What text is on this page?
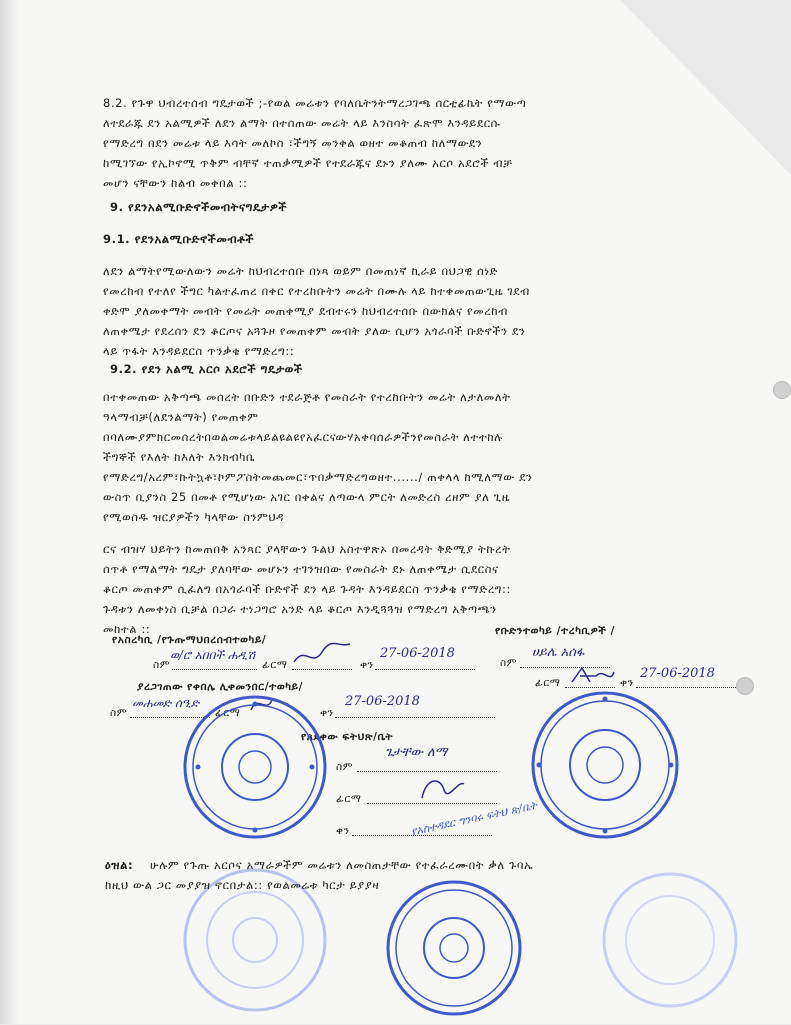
8.2. የጉዋ ህብረተሰብ ግዴታወች ;-የወል መሬቱን የባለቤትንትማረጋገጫ ሰርቲፊኬት የማውጣ
ለተደራጁ ደን አልሚዎች ለደን ልማት በተሰጠው መሬት ላይ እንስሳት ፈጽሞ እንዳይደርሱ
የማድረግ በደን መሬቱ ላይ እሳት መለኮስ ፣ችግኝ መንቀል ወዘተ መቆጠብ ከለማውደን
ከሚገኘው የኢኮኖሚ ጥቅም ብቸኛ ተጠቃሚዎች የተደራጁና ደኑን ያለሙ አርሶ አደሮች ብቻ
መሆን ናቸውን ከልብ መቀበል ::
9. የደንአልሚቡድኖችመብትናግዴታዎች
9.1. የደንአልሚቡድኖችመብቶች
ለደን ልማትየሚውለውን መሬት ከህብረተሰቡ በነጻ ወይም በመጠነኛ ኪራይ በህጋዊ ሰነድ
የመረከብ የተለየ ችግር ካልተፈጠረ በቀር የተረከቡትን መሬት በሙሉ ላይ ከተቀመጠውጊዜ ገደብ
ቀድሞ ያለመቀማት መብት የመሬት መጠቀሚያ ደብተሩን ከህብረተሰቡ በውክልና የመረከብ
ለጠቀሜታ የደረሰን ደን ቆርጦና አጓጉዞ የመጠቀም መብት ያለው ሲሆን አጎራባች ቡድኖችን ደን
ላይ ጥፋት እንዳይደርስ ጥንቃቄ የማድረግ::
9.2. የደን አልሚ አርሶ አደሮች ግዴታወች
በተቀመጠው አቅጣጫ መሰረት በቡድን ተደራጅቶ የመስራት የተረከቡትን መሬት ለታለመለት
ዓላማብቻ(ለደንልማት) የመጠቀም
በባለሙያምክርመሰረትበወልመሬቱላይልዩልዩየአፈርናውሃአቀባሰራዎችንየመስራት ለተተከሉ
ችግኞች የእለት ከእለት እንክብካቤ
የማድረግ/አረም፣ኩትኳቶ፣ኮምፖስትመጨመር፣ጥበቃማድረግወዘተ....../ ጠቀላላ ከሚለማው ደን
ውስጥ ቢያንስ 25 በመቶ የሚሆነው አገር በቀልና ለጣውላ ምርት ለመድረስ ረዘም ያለ ጊዜ
የሚወስዱ ዝርያዎችን ካላቸው ስንምህዳ
ርና ብዝሃ ህይትን ከመጠበቅ አንጻር ያላቸውን ጉልህ አስተዋጽኦ በመረዳት ቅድሚያ ትኩረት
ሰጥቶ የማልማት ግዴታ ያለባቸው መሆኑን ተገንዝበው የመስራት ደኑ ለጠቀሜታ ሲደርስና
ቆርጦ መጠቀም ሲፈለግ በአጎራባች ቡድኖች ደን ላይ ጉዳት እንዳይደርስ ጥንቃቄ የማድረግ::
ጉዳቱን ለመቀነስ ቢቻል በጋራ ተነጋግሮ አንድ ላይ ቆርጦ እንዲጓጓዝ የማድረግ አቅጣጫን
መከተል ::
የአስረካቢ /የጉጡማህበረሰብተወካይ/
የቡድንተወካይ /ተረካቢዎች /
ስም
ወ/ሮ አበበች ሐዲሽ
ፊርማ	ቀን
27-06-2018
ስም
ሀይሌ አሰፋ
ፊርማ	ቀን
27-06-2018
ያረጋገጠው የቀበሌ ሊቀመንበር/ተወካይ/
ስም
መሐመድ ሰዒድ
ፊርማ	ቀን
27-06-2018
የጸደቀው ፍትህጽ/ቤት
ስም
ጌታቸው ለማ
ፊርማ
ቀን	የአስተዳደር ግንባሩ ፍትህ ጽ/ቤት
ዕዝል: ሁሉም የጉጡ አርሶና አማራዎችም መሬቱን ለመስጠታቸው የተፈራረሙበት ቃለ ጉባኤ
ከዚህ ውል ጋር መያያዝ ኖርበታል:: የወልመሬቱ ካርታ ይያያዛ
